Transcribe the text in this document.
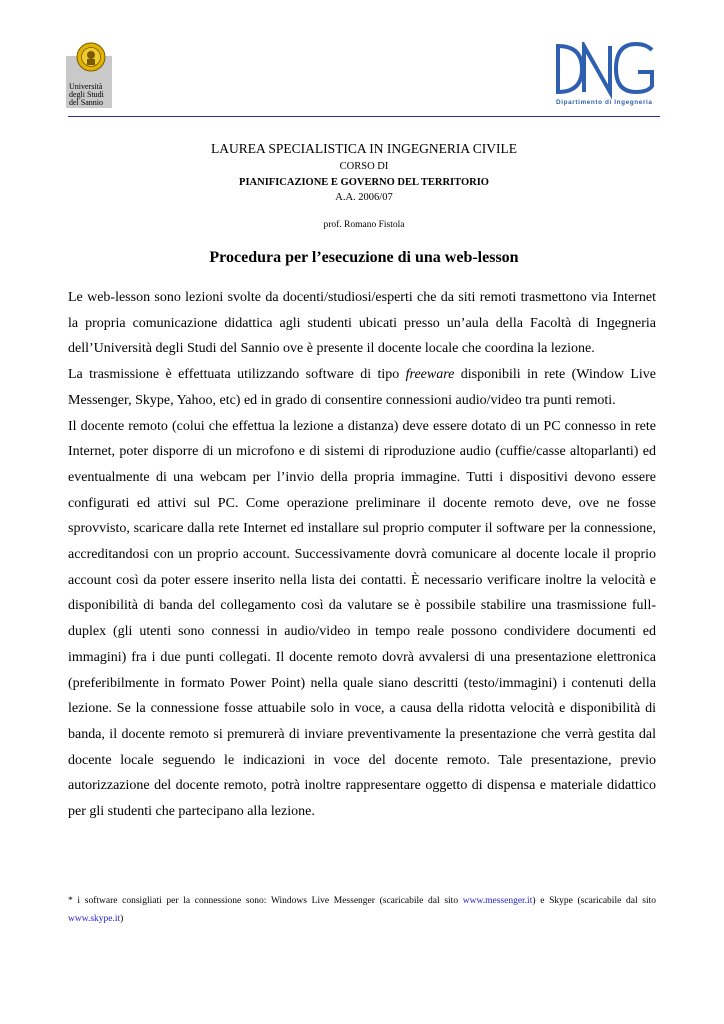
Università
degli Studi
del Sannio	Dipartimento di Ingegneria
LAUREA SPECIALISTICA IN INGEGNERIA CIVILE
CORSO DI
PIANIFICAZIONE E GOVERNO DEL TERRITORIO
A.A. 2006/07
prof. Romano Fistola
Procedura per l’esecuzione di una web-lesson

Le web-lesson sono lezioni svolte da docenti/studiosi/esperti che da siti remoti trasmettono via Internet la propria comunicazione didattica agli studenti ubicati presso un’aula della Facoltà di Ingegneria dell’Università degli Studi del Sannio ove è presente il docente locale che coordina la lezione.

La trasmissione è effettuata utilizzando software di tipo freeware disponibili in rete (Window Live Messenger, Skype, Yahoo, etc) ed in grado di consentire connessioni audio/video tra punti remoti.

Il docente remoto (colui che effettua la lezione a distanza) deve essere dotato di un PC connesso in rete Internet, poter disporre di un microfono e di sistemi di riproduzione audio (cuffie/casse altoparlanti) ed eventualmente di una webcam per l’invio della propria immagine. Tutti i dispositivi devono essere configurati ed attivi sul PC. Come operazione preliminare il docente remoto deve, ove ne fosse sprovvisto, scaricare dalla rete Internet ed installare sul proprio computer il software per la connessione, accreditandosi con un proprio account. Successivamente dovrà comunicare al docente locale il proprio account così da poter essere inserito nella lista dei contatti. È necessario verificare inoltre la velocità e disponibilità di banda del collegamento così da valutare se è possibile stabilire una trasmissione full-duplex (gli utenti sono connessi in audio/video in tempo reale possono condividere documenti ed immagini) fra i due punti collegati. Il docente remoto dovrà avvalersi di una presentazione elettronica (preferibilmente in formato Power Point) nella quale siano descritti (testo/immagini) i contenuti della lezione. Se la connessione fosse attuabile solo in voce, a causa della ridotta velocità e disponibilità di banda, il docente remoto si premurerà di inviare preventivamente la presentazione che verrà gestita dal docente locale seguendo le indicazioni in voce del docente remoto. Tale presentazione, previo autorizzazione del docente remoto, potrà inoltre rappresentare oggetto di dispensa e materiale didattico per gli studenti che partecipano alla lezione.

* i software consigliati per la connessione sono: Windows Live Messenger (scaricabile dal sito www.messenger.it) e Skype (scaricabile dal sito www.skype.it)
